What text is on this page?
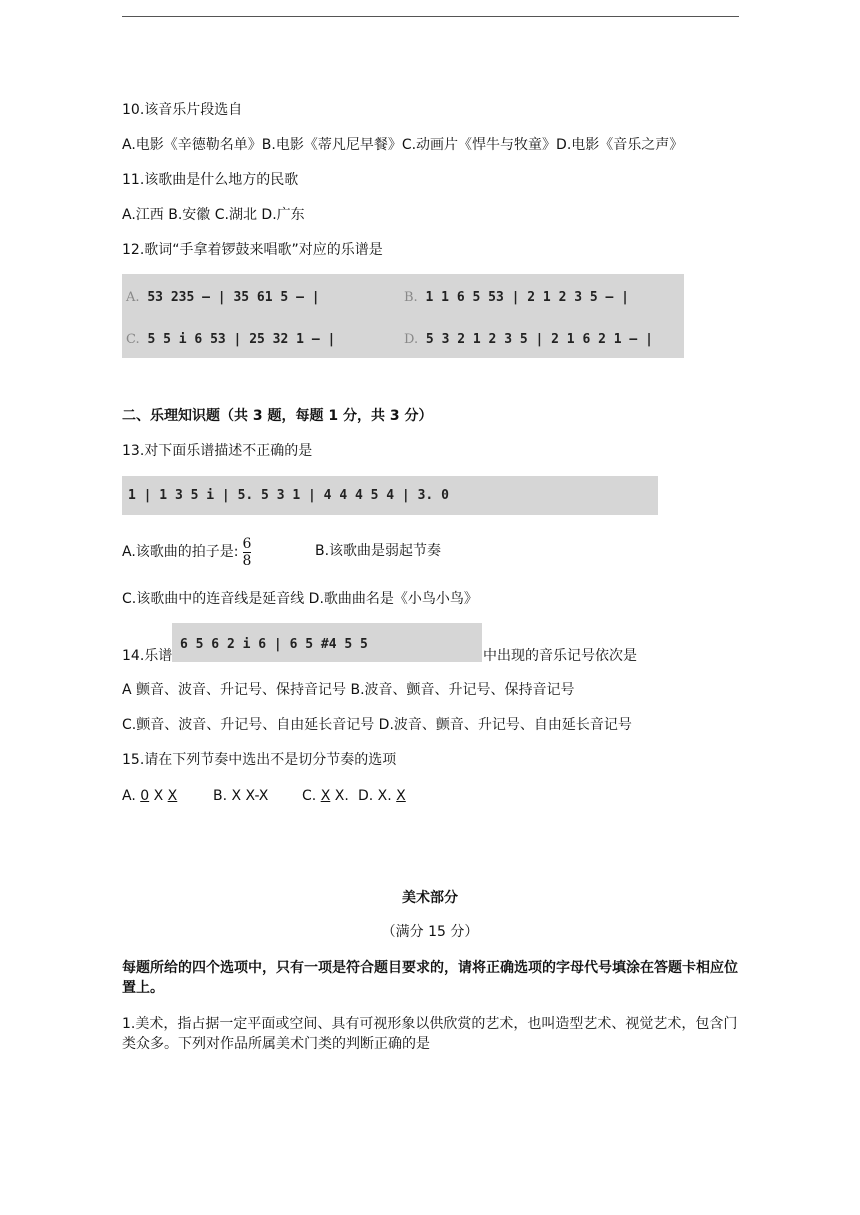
10.该音乐片段选自
A.电影《辛德勒名单》B.电影《蒂凡尼早餐》C.动画片《悍牛与牧童》D.电影《音乐之声》
11.该歌曲是什么地方的民歌
A.江西 B.安徽 C.湖北 D.广东
12.歌词“手拿着锣鼓来唱歌”对应的乐谱是
A. 53 235 – | 35 61 5 – |	B. 1 1 6 5 53 | 2 1 2 3 5 – |
C. 5 5 i 6 53 | 25 32 1 – |	D. 5 3 2 1 2 3 5 | 2 1 6 2 1 – |
二、乐理知识题（共 3 题，每题 1 分，共 3 分）
13.对下面乐谱描述不正确的是
1 | 1 3 5 i | 5. 5 3 1 | 4 4 4 5 4 | 3. 0
A.该歌曲的拍子是: $\frac{6}{8}$	B.该歌曲是弱起节奏
C.该歌曲中的连音线是延音线 D.歌曲曲名是《小鸟小鸟》
14.乐谱
6 5 6 2 i 6 | 6 5 #4 5 5
中出现的音乐记号依次是
A 颤音、波音、升记号、保持音记号 B.波音、颤音、升记号、保持音记号
C.颤音、波音、升记号、自由延长音记号 D.波音、颤音、升记号、自由延长音记号
15.请在下列节奏中选出不是切分节奏的选项
A. 0 X X	B. X X-X C. X X. D. X. X
美术部分
（满分 15 分）
每题所给的四个选项中，只有一项是符合题目要求的，请将正确选项的字母代号填涂在答题卡相应位置上。
1.美术，指占据一定平面或空间、具有可视形象以供欣赏的艺术，也叫造型艺术、视觉艺术，包含门类众多。下列对作品所属美术门类的判断正确的是
